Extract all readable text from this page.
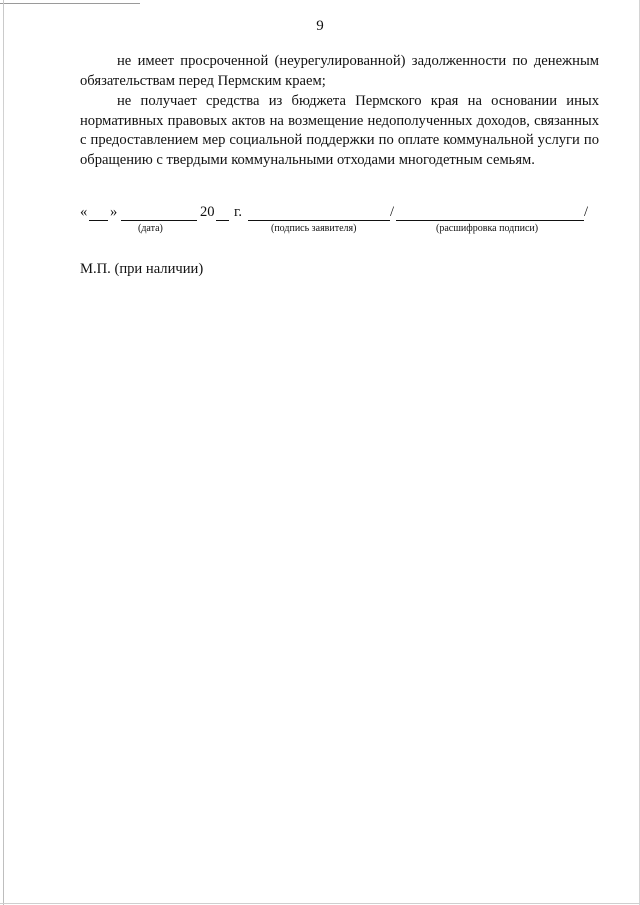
9

не имеет просроченной (неурегулированной) задолженности по денежным обязательствам перед Пермским краем;

не получает средства из бюджета Пермского края на основании иных нормативных правовых актов на возмещение недополученных доходов, связанных с предоставлением мер социальной поддержки по оплате коммунальной услуги по обращению с твердыми коммунальными отходами многодетным семьям.

« »	20 г.	/	/
(дата)	(подпись заявителя)	(расшифровка подписи)
М.П. (при наличии)
